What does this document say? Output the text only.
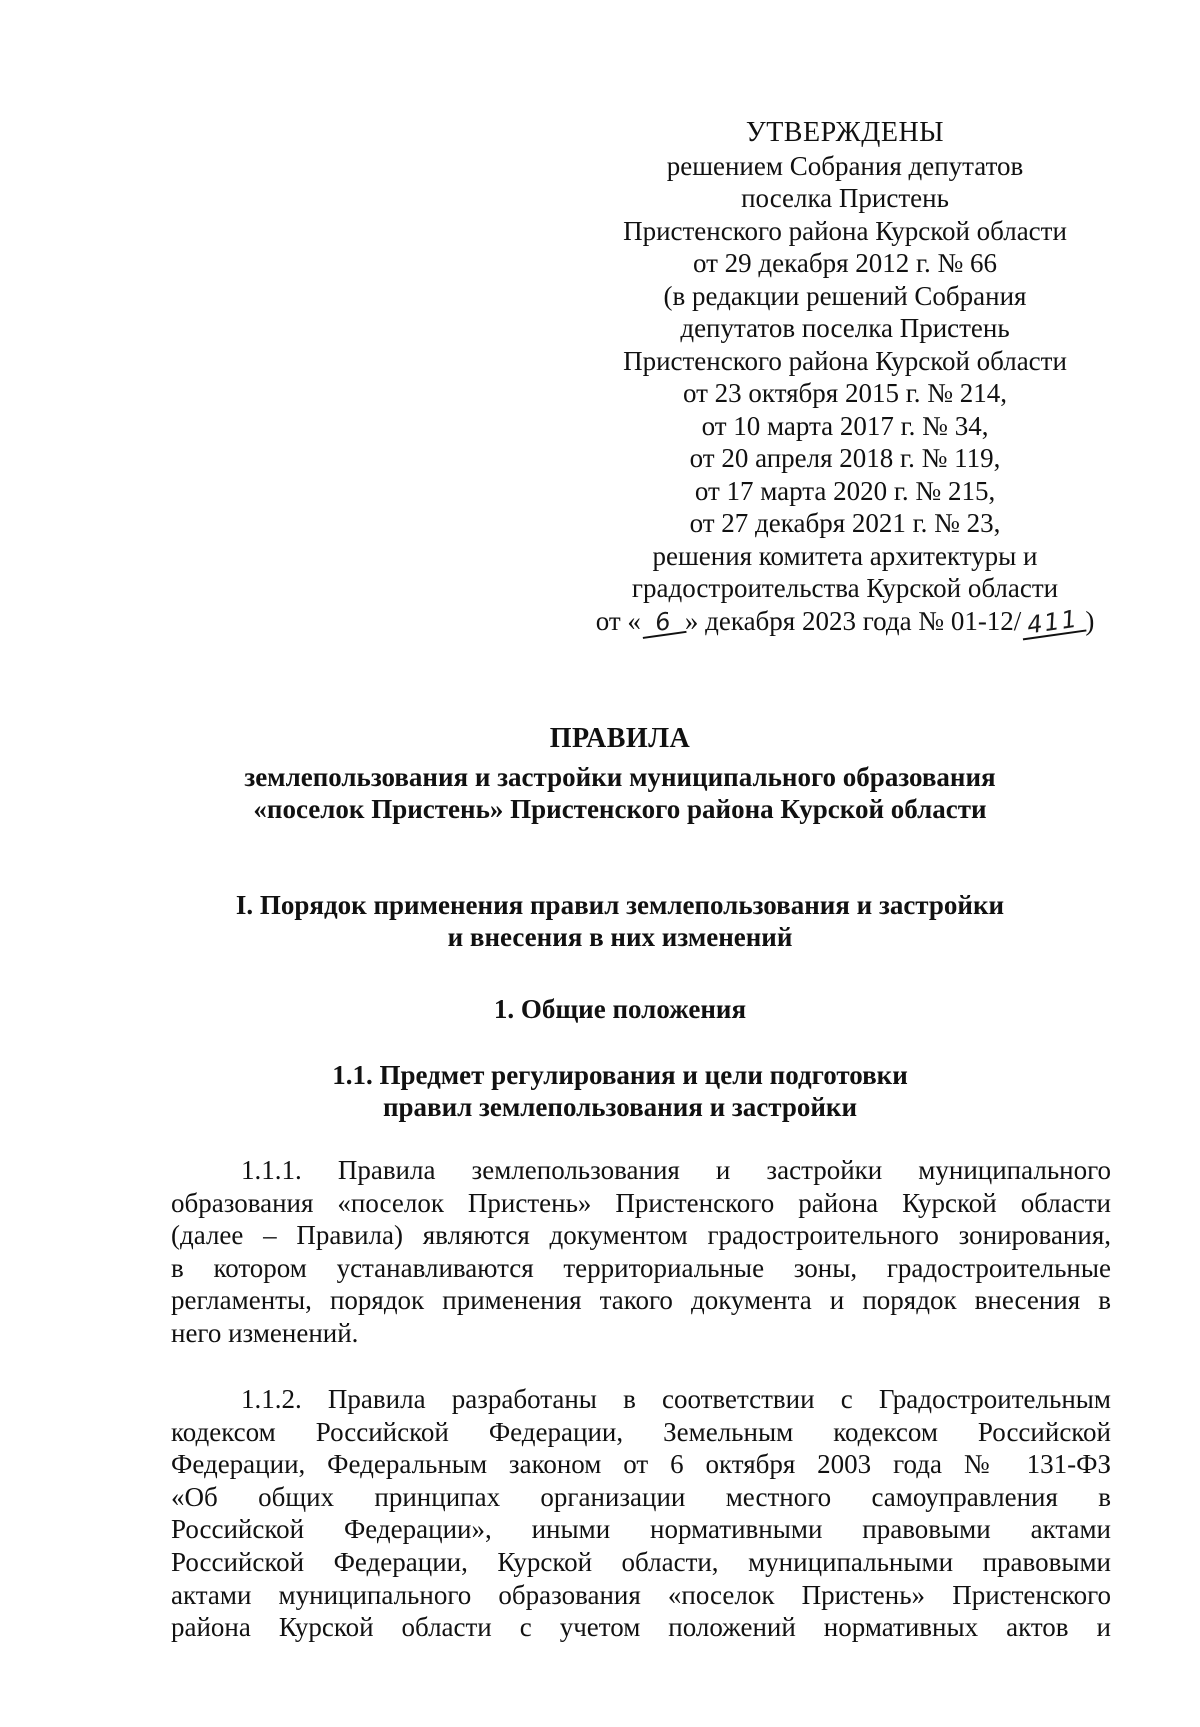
УТВЕРЖДЕНЫ
решением Собрания депутатов
поселка Пристень
Пристенского района Курской области
от 29 декабря 2012 г. № 66
(в редакции решений Собрания
депутатов поселка Пристень
Пристенского района Курской области
от 23 октября 2015 г. № 214,
от 10 марта 2017 г. № 34,
от 20 апреля 2018 г. № 119,
от 17 марта 2020 г. № 215,
от 27 декабря 2021 г. № 23,
решения комитета архитектуры и
градостроительства Курской области
от « 6 » декабря 2023 года № 01-12/ 411 )
ПРАВИЛА
землепользования и застройки муниципального образования
«поселок Пристень» Пристенского района Курской области
I. Порядок применения правил землепользования и застройки
и внесения в них изменений
1. Общие положения
1.1. Предмет регулирования и цели подготовки
правил землепользования и застройки
1.1.1. Правила землепользования и застройки муниципального
образования «поселок Пристень» Пристенского района Курской области
(далее – Правила) являются документом градостроительного зонирования,
в котором устанавливаются территориальные зоны, градостроительные
регламенты, порядок применения такого документа и порядок внесения в
него изменений.
1.1.2. Правила разработаны в соответствии с Градостроительным
кодексом Российской Федерации, Земельным кодексом Российской
Федерации, Федеральным законом от 6 октября 2003 года № 131-ФЗ
«Об общих принципах организации местного самоуправления в
Российской Федерации», иными нормативными правовыми актами
Российской Федерации, Курской области, муниципальными правовыми
актами муниципального образования «поселок Пристень» Пристенского
района Курской области с учетом положений нормативных актов и
